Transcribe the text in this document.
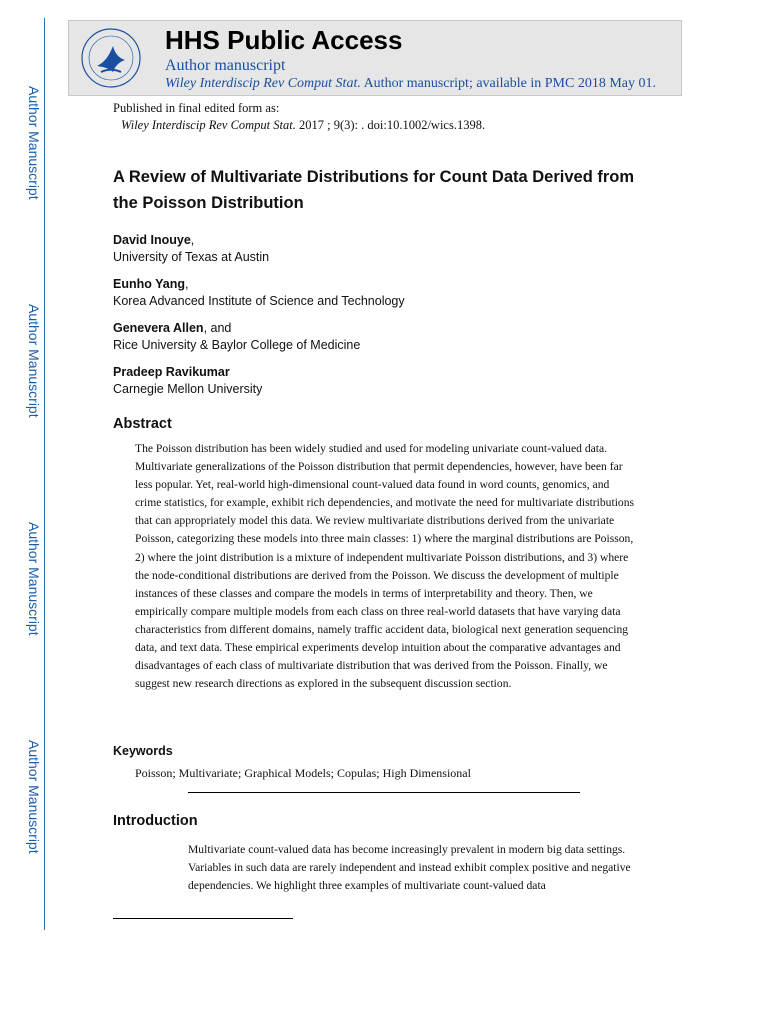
Author Manuscript
Author Manuscript
Author Manuscript
Author Manuscript
HHS Public Access
Author manuscript
Wiley Interdiscip Rev Comput Stat. Author manuscript; available in PMC 2018 May 01.
Published in final edited form as:
Wiley Interdiscip Rev Comput Stat. 2017 ; 9(3): . doi:10.1002/wics.1398.
A Review of Multivariate Distributions for Count Data Derived from the Poisson Distribution
David Inouye,
University of Texas at Austin
Eunho Yang,
Korea Advanced Institute of Science and Technology
Genevera Allen, and
Rice University & Baylor College of Medicine
Pradeep Ravikumar
Carnegie Mellon University
Abstract
The Poisson distribution has been widely studied and used for modeling univariate count-valued data. Multivariate generalizations of the Poisson distribution that permit dependencies, however, have been far less popular. Yet, real-world high-dimensional count-valued data found in word counts, genomics, and crime statistics, for example, exhibit rich dependencies, and motivate the need for multivariate distributions that can appropriately model this data. We review multivariate distributions derived from the univariate Poisson, categorizing these models into three main classes: 1) where the marginal distributions are Poisson, 2) where the joint distribution is a mixture of independent multivariate Poisson distributions, and 3) where the node-conditional distributions are derived from the Poisson. We discuss the development of multiple instances of these classes and compare the models in terms of interpretability and theory. Then, we empirically compare multiple models from each class on three real-world datasets that have varying data characteristics from different domains, namely traffic accident data, biological next generation sequencing data, and text data. These empirical experiments develop intuition about the comparative advantages and disadvantages of each class of multivariate distribution that was derived from the Poisson. Finally, we suggest new research directions as explored in the subsequent discussion section.
Keywords
Poisson; Multivariate; Graphical Models; Copulas; High Dimensional
Introduction
Multivariate count-valued data has become increasingly prevalent in modern big data settings. Variables in such data are rarely independent and instead exhibit complex positive and negative dependencies. We highlight three examples of multivariate count-valued data
